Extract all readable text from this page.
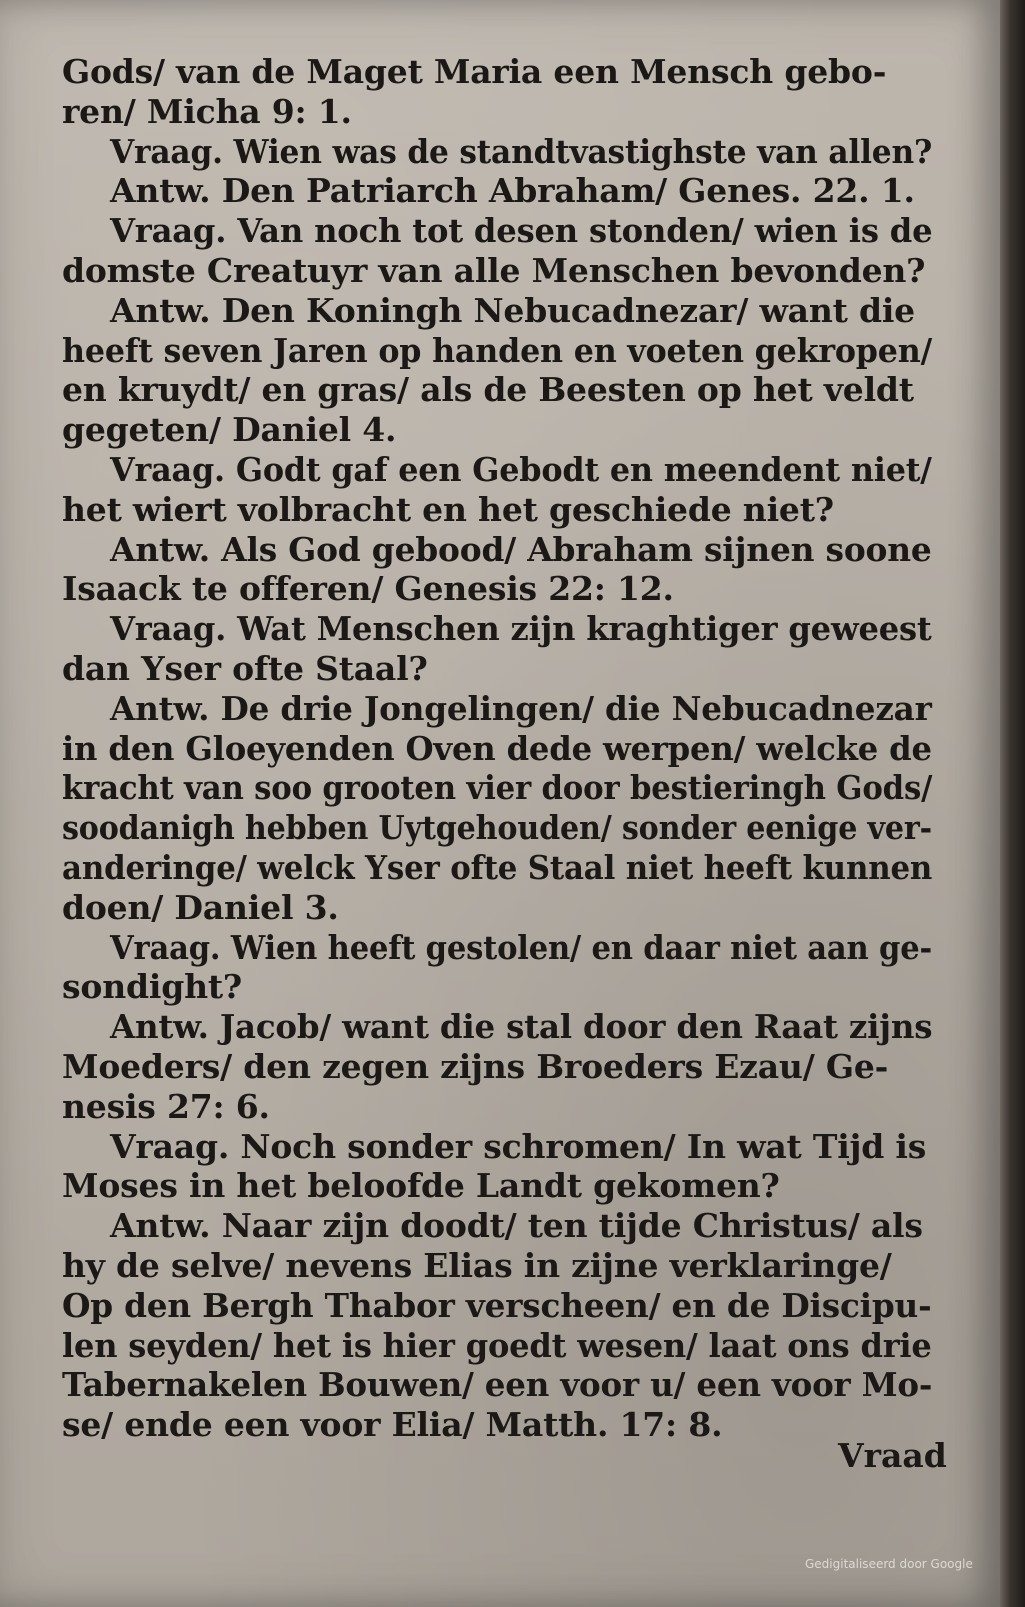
Gods/ van de Maget Maria een Mensch gebo-
ren/ Micha 9: 1.
Vraag. Wien was de standtvastighste van allen?
Antw. Den Patriarch Abraham/ Genes. 22. 1.
Vraag. Van noch tot desen stonden/ wien is de
domste Creatuyr van alle Menschen bevonden?
Antw. Den Koningh Nebucadnezar/ want die
heeft seven Jaren op handen en voeten gekropen/
en kruydt/ en gras/ als de Beesten op het veldt
gegeten/ Daniel 4.
Vraag. Godt gaf een Gebodt en meendent niet/
het wiert volbracht en het geschiede niet?
Antw. Als God gebood/ Abraham sijnen soone
Isaack te offeren/ Genesis 22: 12.
Vraag. Wat Menschen zijn kraghtiger geweest
dan Yser ofte Staal?
Antw. De drie Jongelingen/ die Nebucadnezar
in den Gloeyenden Oven dede werpen/ welcke de
kracht van soo grooten vier door bestieringh Gods/
soodanigh hebben Uytgehouden/ sonder eenige ver-
anderinge/ welck Yser ofte Staal niet heeft kunnen
doen/ Daniel 3.
Vraag. Wien heeft gestolen/ en daar niet aan ge-
sondight?
Antw. Jacob/ want die stal door den Raat zijns
Moeders/ den zegen zijns Broeders Ezau/ Ge-
nesis 27: 6.
Vraag. Noch sonder schromen/ In wat Tijd is
Moses in het beloofde Landt gekomen?
Antw. Naar zijn doodt/ ten tijde Christus/ als
hy de selve/ nevens Elias in zijne verklaringe/
Op den Bergh Thabor verscheen/ en de Discipu-
len seyden/ het is hier goedt wesen/ laat ons drie
Tabernakelen Bouwen/ een voor u/ een voor Mo-
se/ ende een voor Elia/ Matth. 17: 8.
Vraad
Gedigitaliseerd door Google
